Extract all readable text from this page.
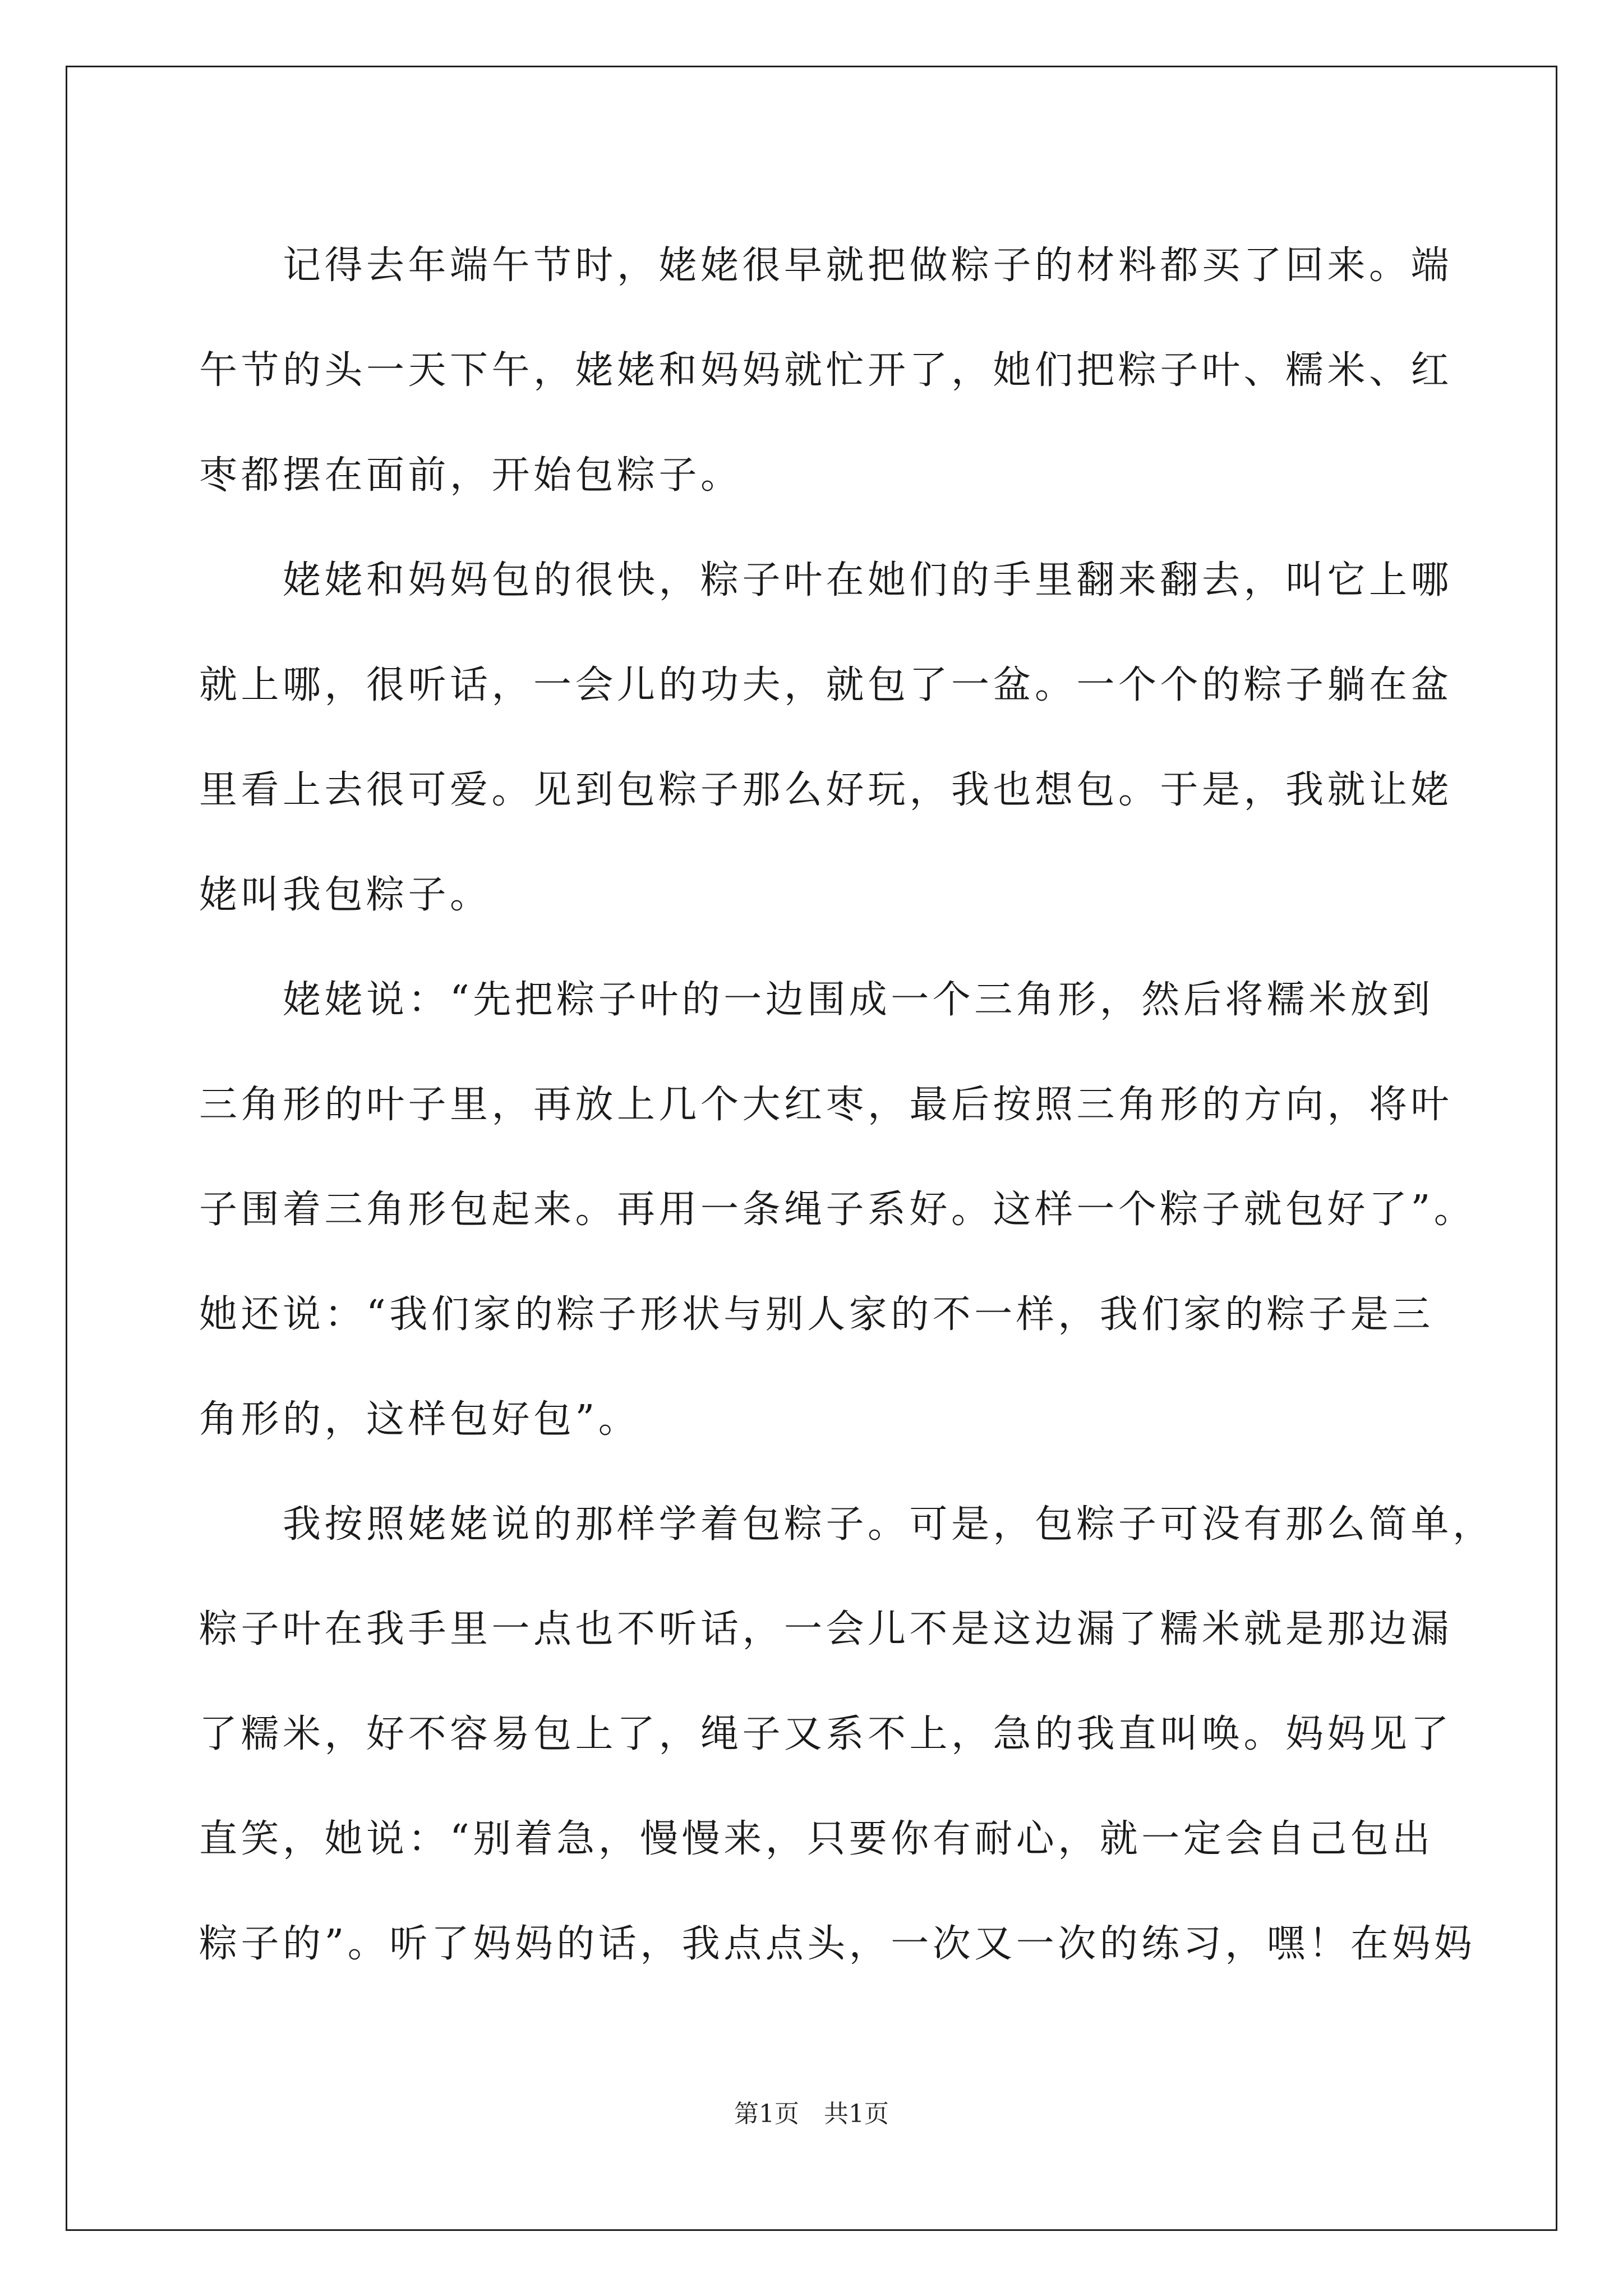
　　记得去年端午节时，姥姥很早就把做粽子的材料都买了回来。端
午节的头一天下午，姥姥和妈妈就忙开了，她们把粽子叶、糯米、红
枣都摆在面前，开始包粽子。
　　姥姥和妈妈包的很快，粽子叶在她们的手里翻来翻去，叫它上哪
就上哪，很听话，一会儿的功夫，就包了一盆。一个个的粽子躺在盆
里看上去很可爱。见到包粽子那么好玩，我也想包。于是，我就让姥
姥叫我包粽子。
　　姥姥说：“先把粽子叶的一边围成一个三角形，然后将糯米放到
三角形的叶子里，再放上几个大红枣，最后按照三角形的方向，将叶
子围着三角形包起来。再用一条绳子系好。这样一个粽子就包好了”。
她还说：“我们家的粽子形状与别人家的不一样，我们家的粽子是三
角形的，这样包好包”。
　　我按照姥姥说的那样学着包粽子。可是，包粽子可没有那么简单，
粽子叶在我手里一点也不听话，一会儿不是这边漏了糯米就是那边漏
了糯米，好不容易包上了，绳子又系不上，急的我直叫唤。妈妈见了
直笑，她说：“别着急，慢慢来，只要你有耐心，就一定会自己包出
粽子的”。听了妈妈的话，我点点头，一次又一次的练习，嘿！在妈妈
第1页　共1页
